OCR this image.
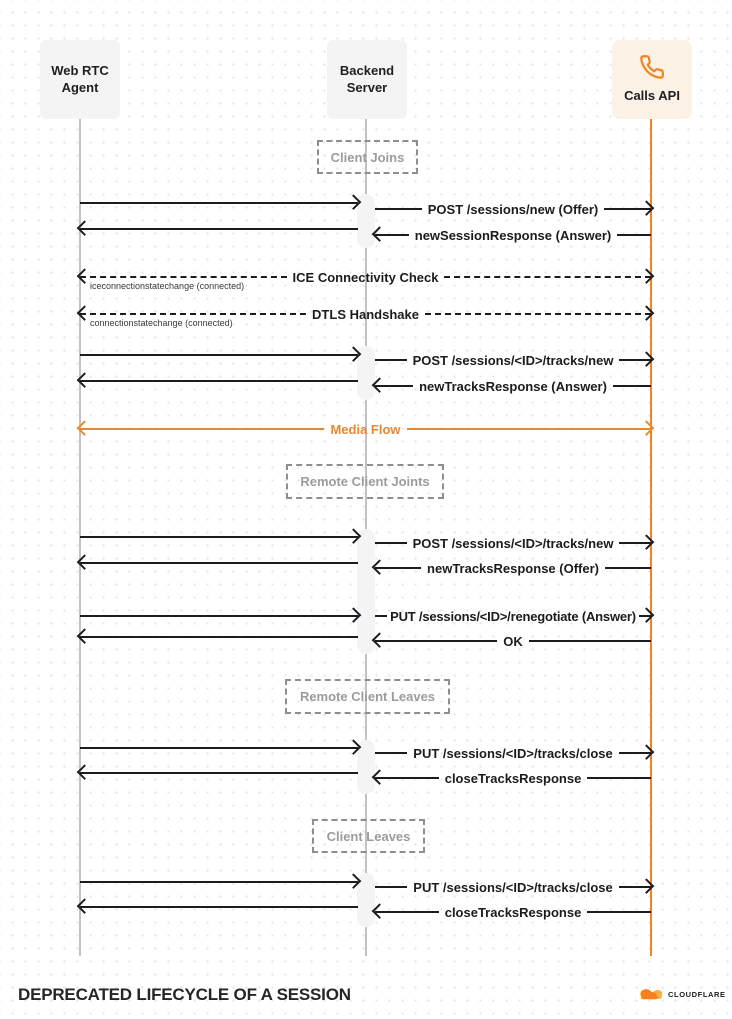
Web RTC Agent
Backend Server
Calls API
Client Joins
Remote Client Joints
Remote Client Leaves
Client Leaves
POST /sessions/new (Offer)
newSessionResponse (Answer)
ICE Connectivity Check
iceconnectionstatechange (connected)
DTLS Handshake
connectionstatechange (connected)
POST /sessions/<ID>/tracks/new
newTracksResponse (Answer)
Media Flow
POST /sessions/<ID>/tracks/new
newTracksResponse (Offer)
PUT /sessions/<ID>/renegotiate (Answer)
OK
PUT /sessions/<ID>/tracks/close
closeTracksResponse
PUT /sessions/<ID>/tracks/close
closeTracksResponse
DEPRECATED LIFECYCLE OF A SESSION	CLOUDFLARE
